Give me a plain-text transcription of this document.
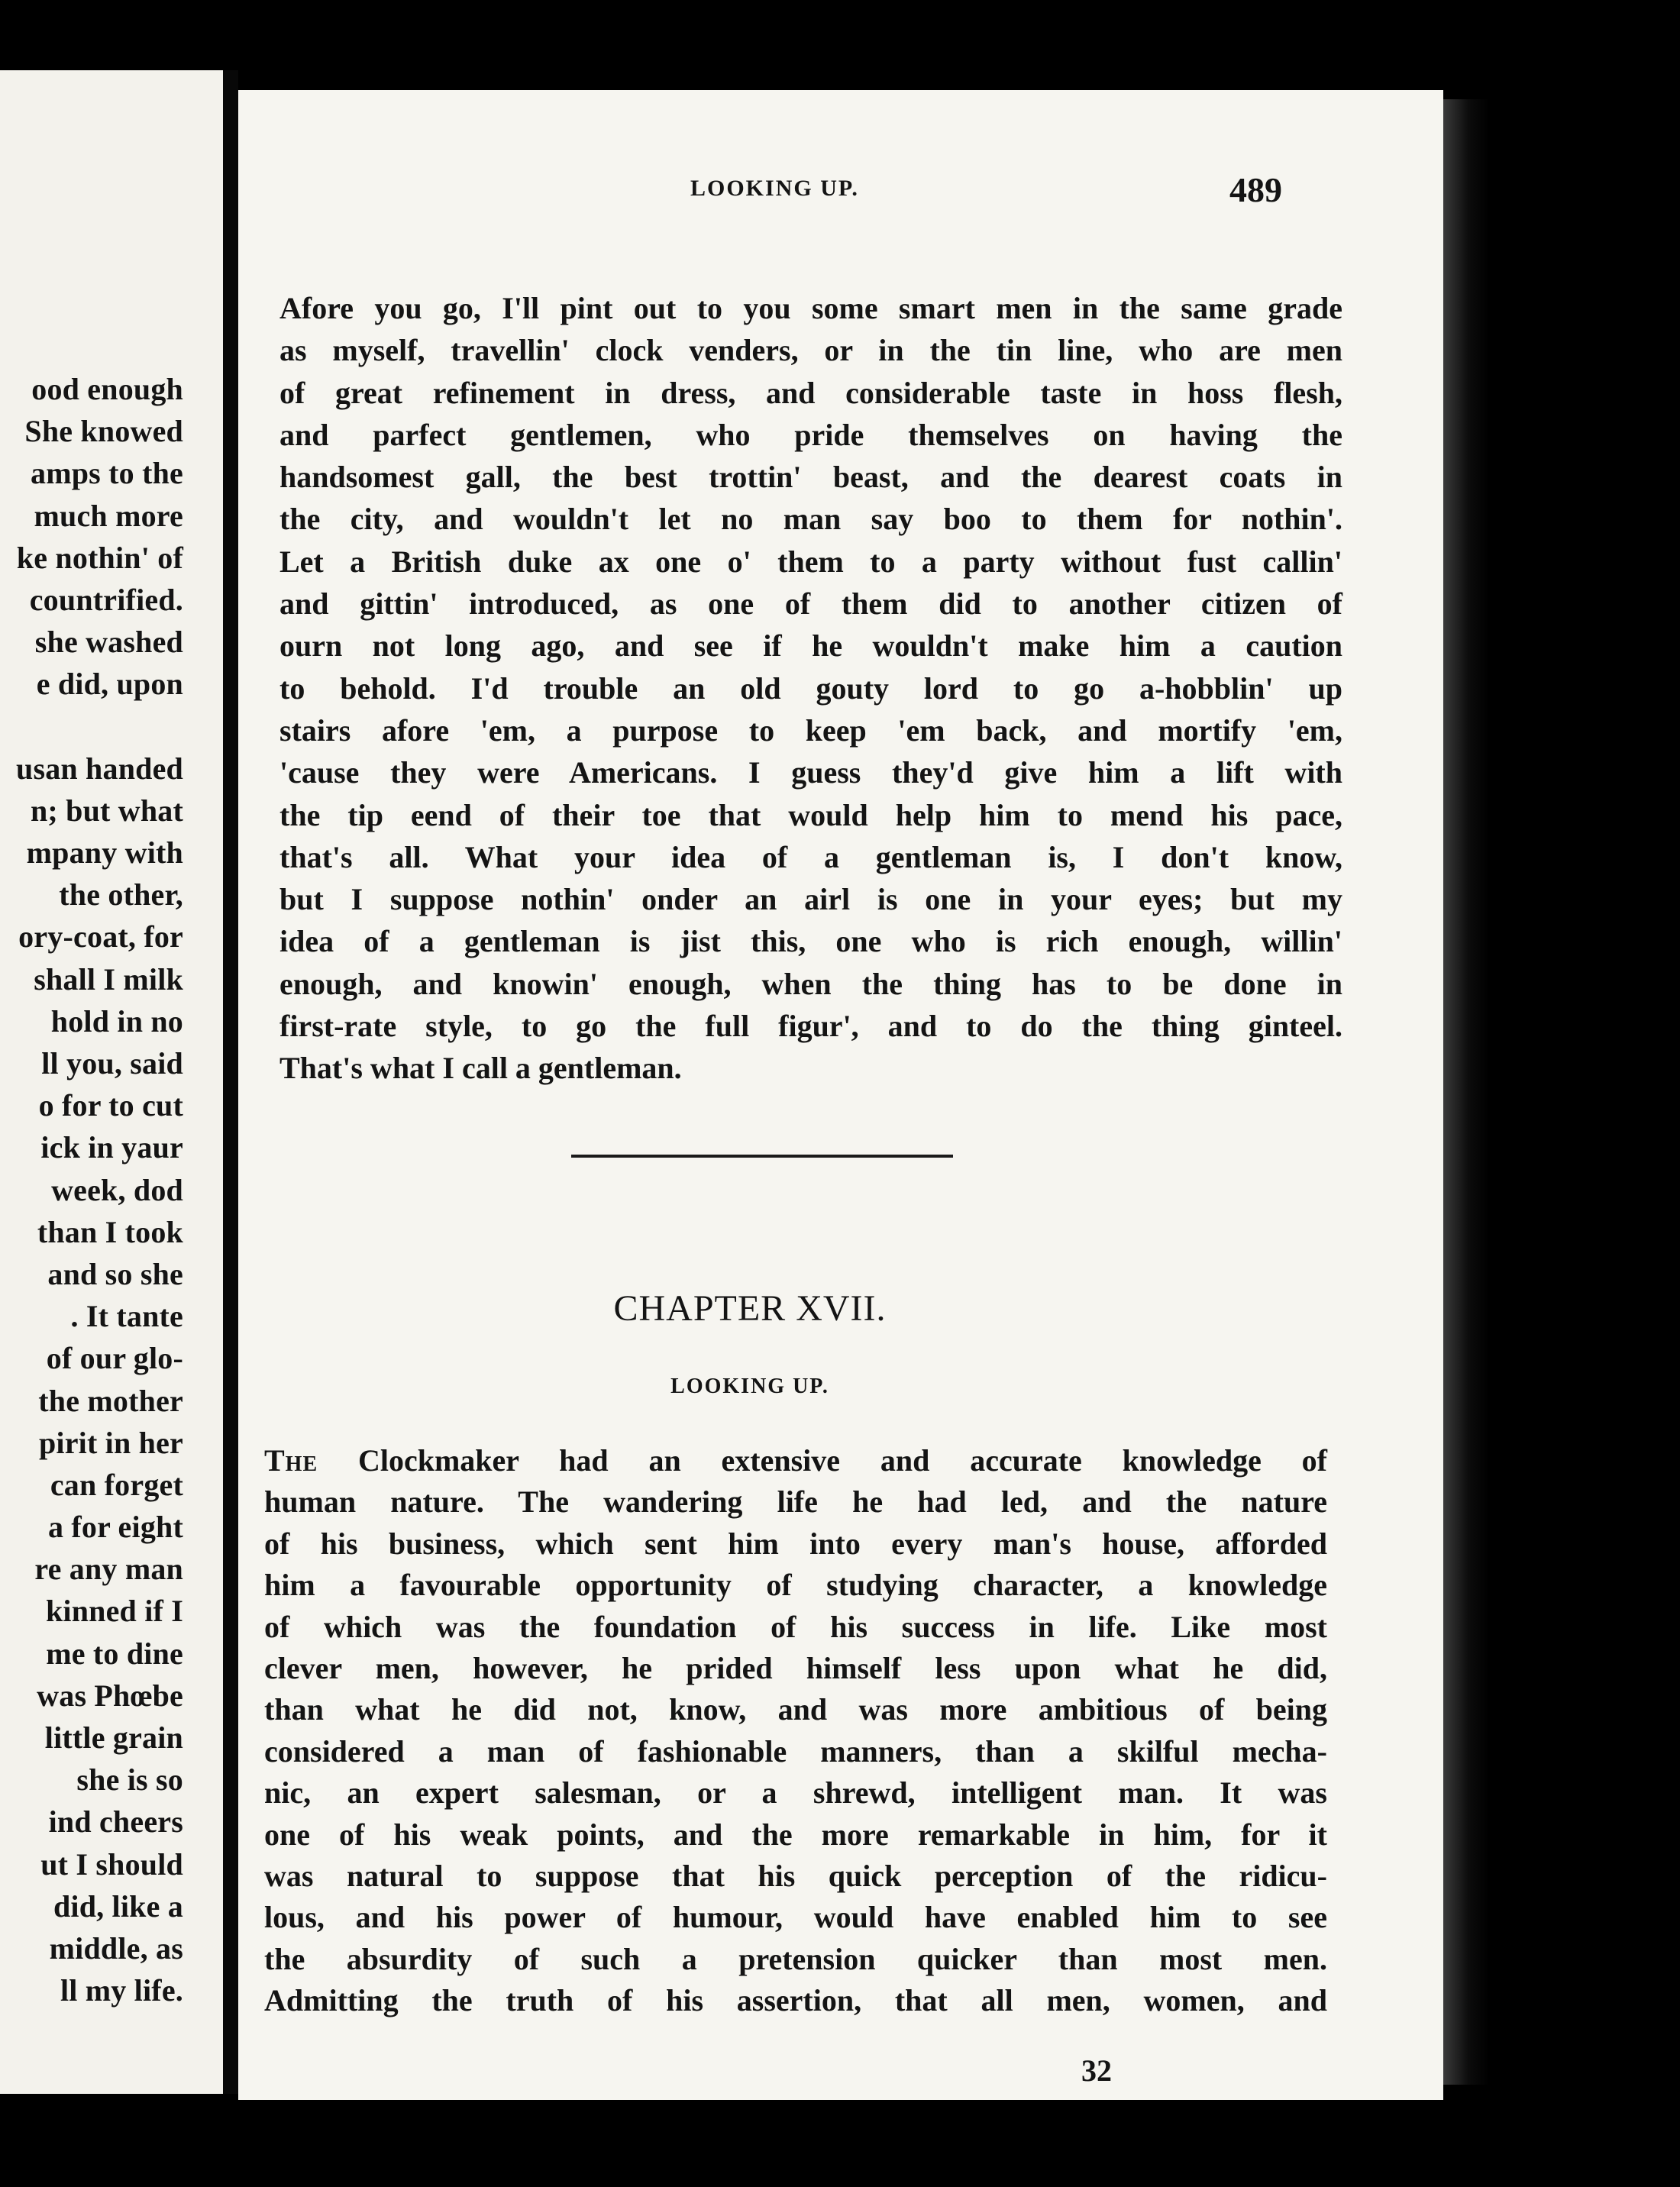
ood enough

She knowed

amps to the

much more

ke nothin' of

countrified.

she washed

e did, upon

usan handed

n; but what

mpany with

the other,

ory-coat, for

shall I milk

hold in no

ll you, said

o for to cut

ick in yaur

week, dod

than I took

and so she

. It tante

of our glo-

the mother

pirit in her

can forget

a for eight

re any man

kinned if I

me to dine

was Phœbe

little grain

she is so

ind cheers

ut I should

did, like a

middle, as

ll my life.

LOOKING UP.	489

Afore you go, I'll pint out to you some smart men in the same grade

as myself, travellin' clock venders, or in the tin line, who are men

of great refinement in dress, and considerable taste in hoss flesh,

and parfect gentlemen, who pride themselves on having the

handsomest gall, the best trottin' beast, and the dearest coats in

the city, and wouldn't let no man say boo to them for nothin'.

Let a British duke ax one o' them to a party without fust callin'

and gittin' introduced, as one of them did to another citizen of

ourn not long ago, and see if he wouldn't make him a caution

to behold. I'd trouble an old gouty lord to go a-hobblin' up

stairs afore 'em, a purpose to keep 'em back, and mortify 'em,

'cause they were Americans. I guess they'd give him a lift with

the tip eend of their toe that would help him to mend his pace,

that's all. What your idea of a gentleman is, I don't know,

but I suppose nothin' onder an airl is one in your eyes; but my

idea of a gentleman is jist this, one who is rich enough, willin'

enough, and knowin' enough, when the thing has to be done in

first-rate style, to go the full figur', and to do the thing ginteel.

That's what I call a gentleman.

CHAPTER XVII.
LOOKING UP.

The Clockmaker had an extensive and accurate knowledge of

human nature. The wandering life he had led, and the nature

of his business, which sent him into every man's house, afforded

him a favourable opportunity of studying character, a knowledge

of which was the foundation of his success in life. Like most

clever men, however, he prided himself less upon what he did,

than what he did not, know, and was more ambitious of being

considered a man of fashionable manners, than a skilful mecha-

nic, an expert salesman, or a shrewd, intelligent man. It was

one of his weak points, and the more remarkable in him, for it

was natural to suppose that his quick perception of the ridicu-

lous, and his power of humour, would have enabled him to see

the absurdity of such a pretension quicker than most men.

Admitting the truth of his assertion, that all men, women, and

32
